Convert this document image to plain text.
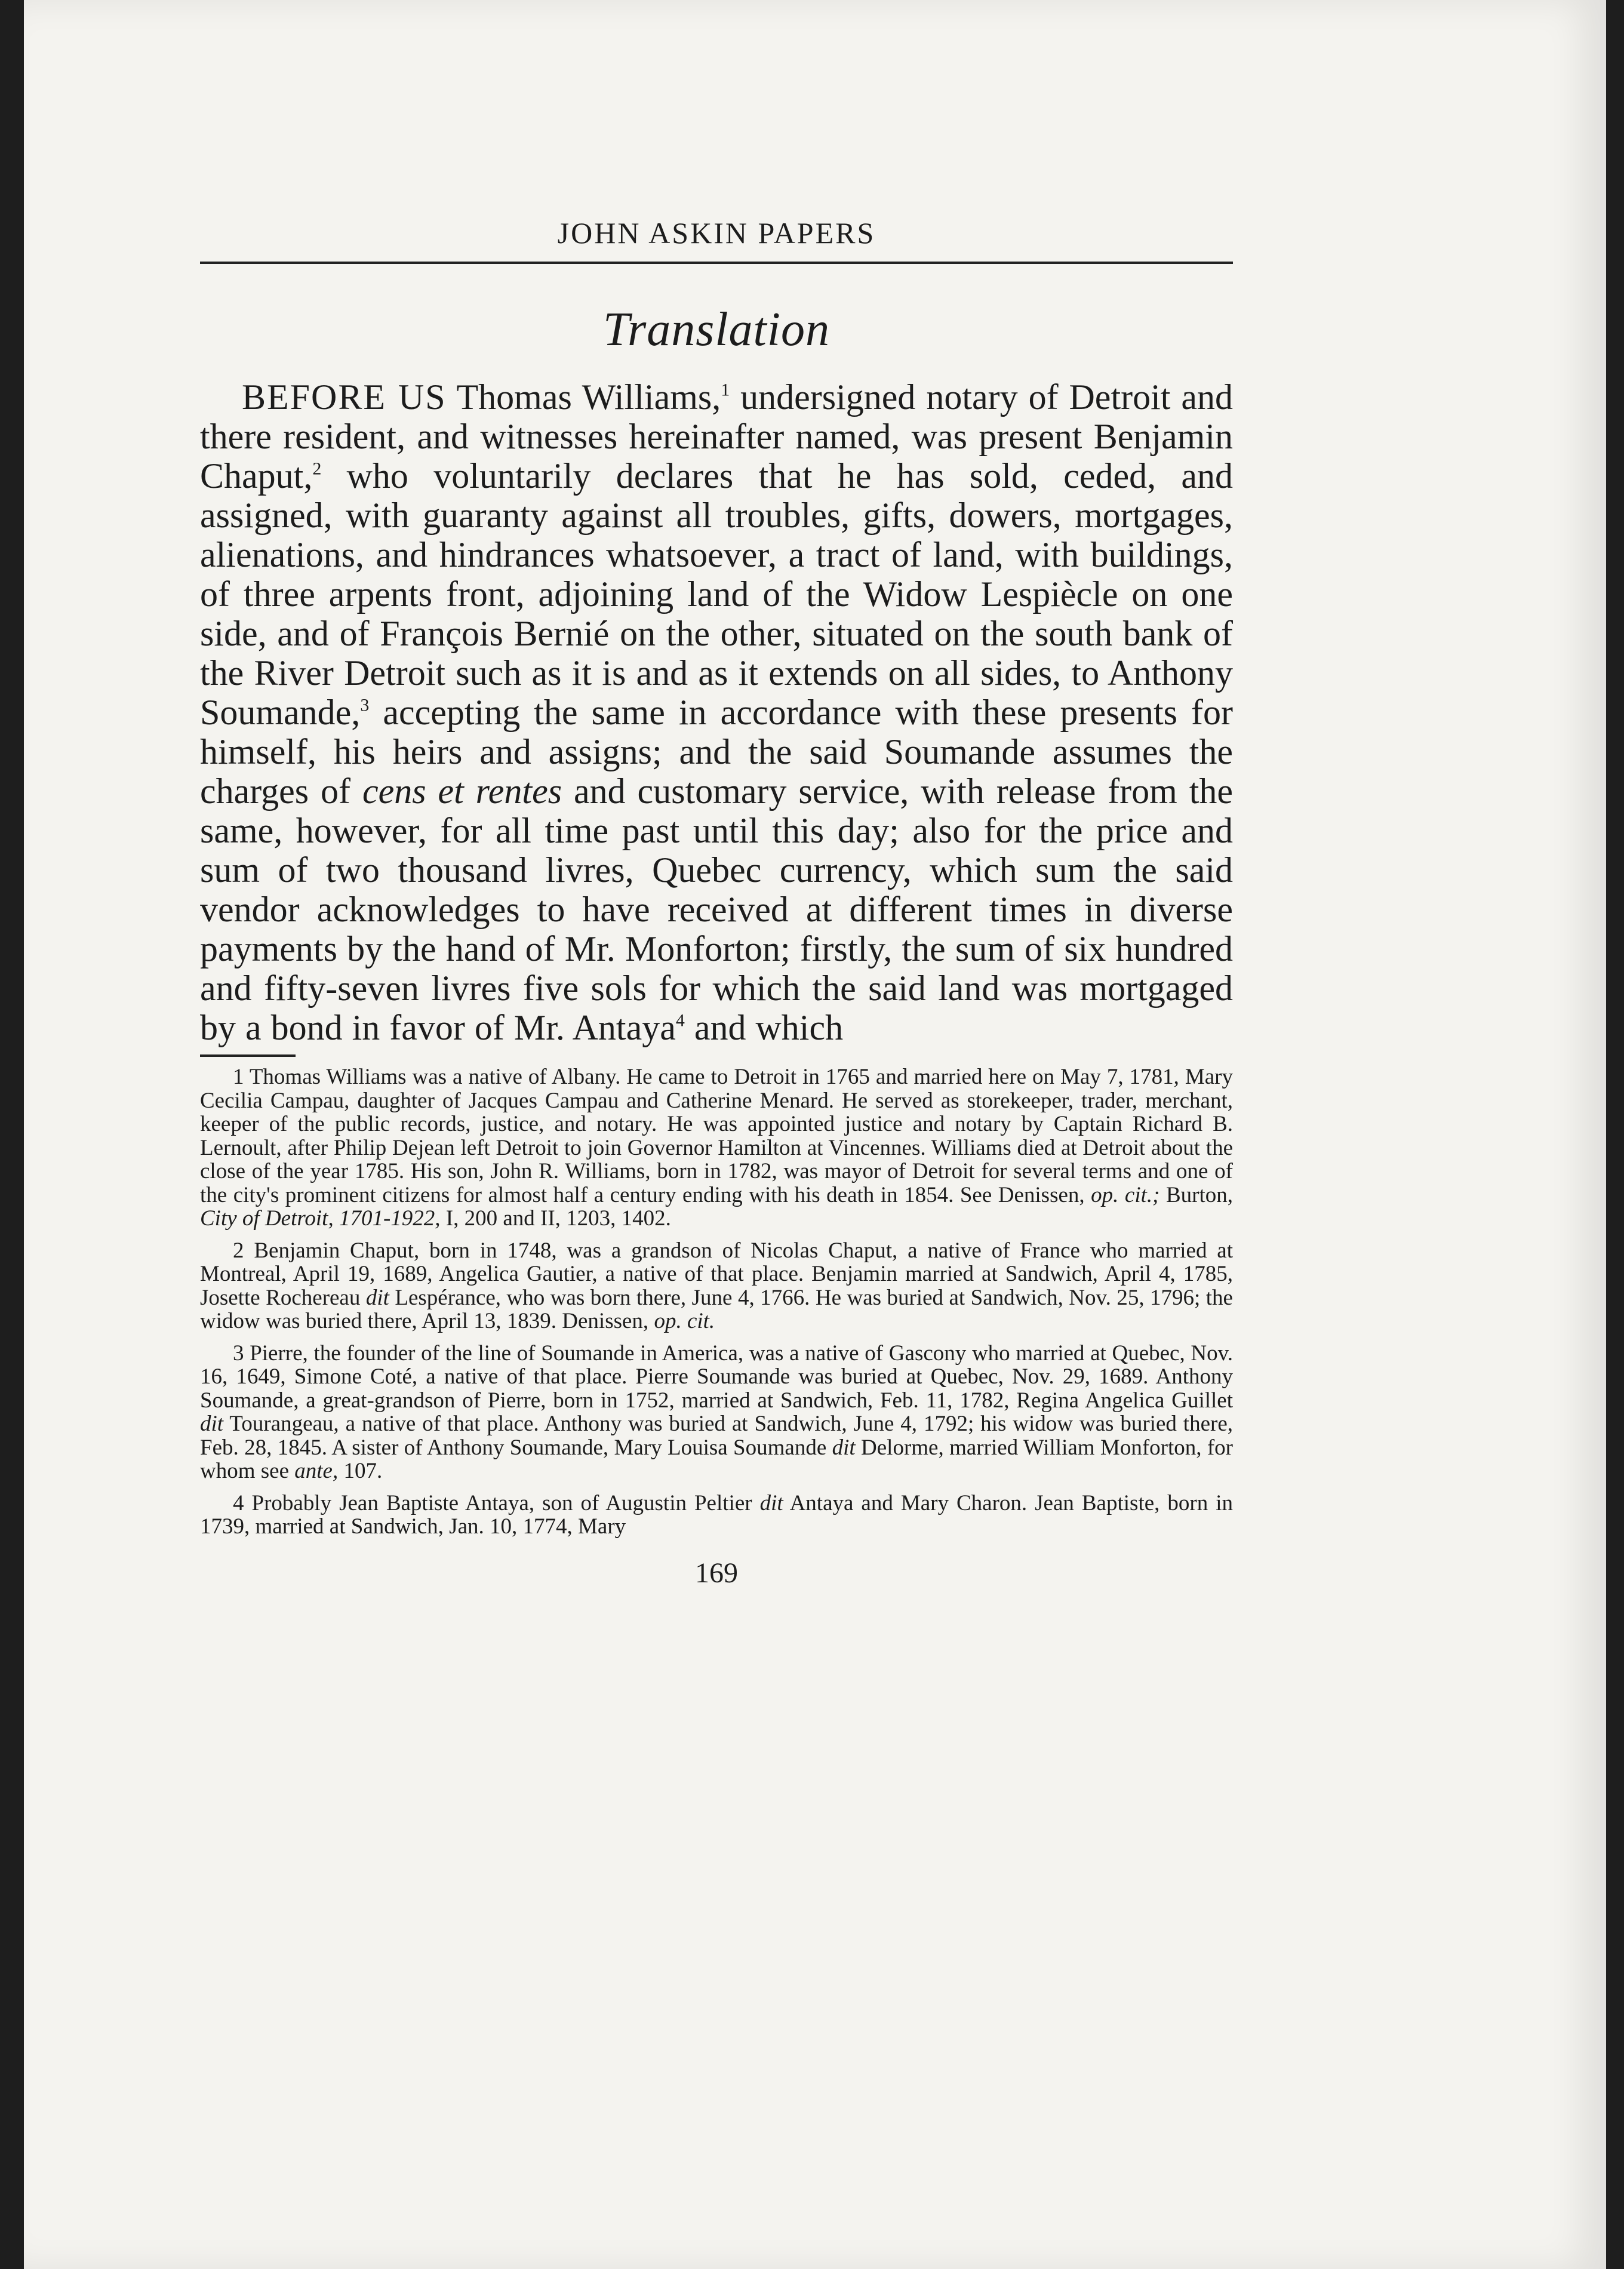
JOHN ASKIN PAPERS
Translation

BEFORE US Thomas Williams,$^1$ undersigned notary of Detroit and there resident, and witnesses hereinafter named, was present Benjamin Chaput,$^2$ who voluntarily declares that he has sold, ceded, and assigned, with guaranty against all troubles, gifts, dowers, mortgages, alienations, and hindrances whatsoever, a tract of land, with buildings, of three arpents front, adjoining land of the Widow Lespiècle on one side, and of François Bernié on the other, situated on the south bank of the River Detroit such as it is and as it extends on all sides, to Anthony Soumande,$^3$ accepting the same in accordance with these presents for himself, his heirs and assigns; and the said Soumande assumes the charges of cens et rentes and customary service, with release from the same, however, for all time past until this day; also for the price and sum of two thousand livres, Quebec currency, which sum the said vendor acknowledges to have received at different times in diverse payments by the hand of Mr. Monforton; firstly, the sum of six hundred and fifty-seven livres five sols for which the said land was mortgaged by a bond in favor of Mr. Antaya$^4$ and which

1 Thomas Williams was a native of Albany. He came to Detroit in 1765 and married here on May 7, 1781, Mary Cecilia Campau, daughter of Jacques Campau and Catherine Menard. He served as storekeeper, trader, merchant, keeper of the public records, justice, and notary. He was appointed justice and notary by Captain Richard B. Lernoult, after Philip Dejean left Detroit to join Governor Hamilton at Vincennes. Williams died at Detroit about the close of the year 1785. His son, John R. Williams, born in 1782, was mayor of Detroit for several terms and one of the city's prominent citizens for almost half a century ending with his death in 1854. See Denissen, op. cit.; Burton, City of Detroit, 1701-1922, I, 200 and II, 1203, 1402.

2 Benjamin Chaput, born in 1748, was a grandson of Nicolas Chaput, a native of France who married at Montreal, April 19, 1689, Angelica Gautier, a native of that place. Benjamin married at Sandwich, April 4, 1785, Josette Rochereau dit Lespérance, who was born there, June 4, 1766. He was buried at Sandwich, Nov. 25, 1796; the widow was buried there, April 13, 1839. Denissen, op. cit.

3 Pierre, the founder of the line of Soumande in America, was a native of Gascony who married at Quebec, Nov. 16, 1649, Simone Coté, a native of that place. Pierre Soumande was buried at Quebec, Nov. 29, 1689. Anthony Soumande, a great-grandson of Pierre, born in 1752, married at Sandwich, Feb. 11, 1782, Regina Angelica Guillet dit Tourangeau, a native of that place. Anthony was buried at Sandwich, June 4, 1792; his widow was buried there, Feb. 28, 1845. A sister of Anthony Soumande, Mary Louisa Soumande dit Delorme, married William Monforton, for whom see ante, 107.

4 Probably Jean Baptiste Antaya, son of Augustin Peltier dit Antaya and Mary Charon. Jean Baptiste, born in 1739, married at Sandwich, Jan. 10, 1774, Mary

169
